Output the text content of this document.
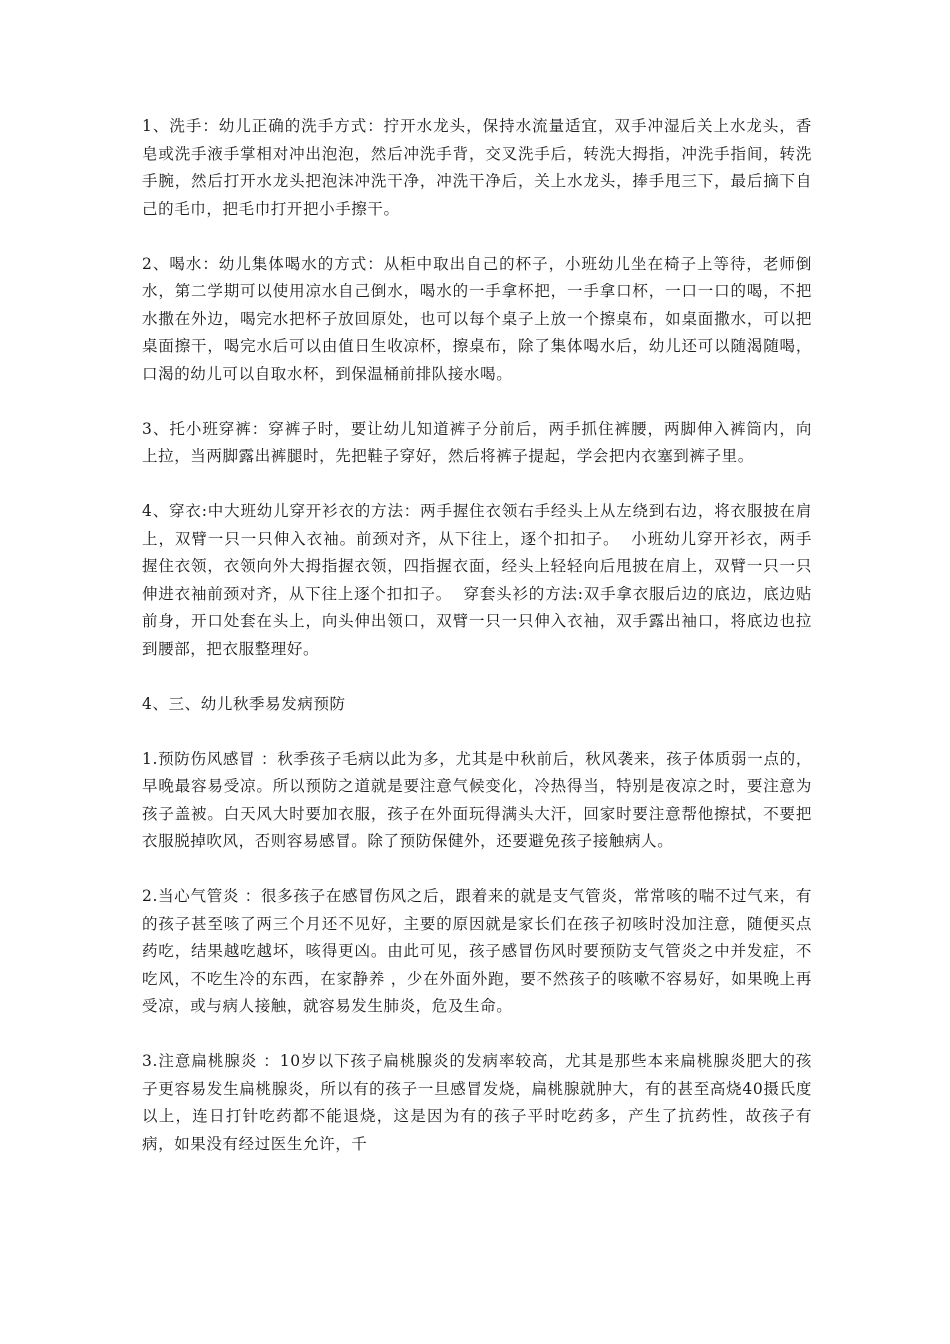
1、洗手：幼儿正确的洗手方式：拧开水龙头，保持水流量适宜，双手冲湿后关上水龙头，香皂或洗手液手掌相对冲出泡泡，然后冲洗手背，交叉洗手后，转洗大拇指，冲洗手指间，转洗手腕，然后打开水龙头把泡沫冲洗干净，冲洗干净后，关上水龙头，捧手甩三下，最后摘下自己的毛巾，把毛巾打开把小手擦干。

2、喝水：幼儿集体喝水的方式：从柜中取出自己的杯子，小班幼儿坐在椅子上等待，老师倒水，第二学期可以使用凉水自己倒水，喝水的一手拿杯把，一手拿口杯，一口一口的喝，不把水撒在外边，喝完水把杯子放回原处，也可以每个桌子上放一个擦桌布，如桌面撒水，可以把桌面擦干，喝完水后可以由值日生收凉杯，擦桌布，除了集体喝水后，幼儿还可以随渴随喝，口渴的幼儿可以自取水杯，到保温桶前排队接水喝。

3、托小班穿裤：穿裤子时，要让幼儿知道裤子分前后，两手抓住裤腰，两脚伸入裤筒内，向上拉，当两脚露出裤腿时，先把鞋子穿好，然后将裤子提起，学会把内衣塞到裤子里。

4、穿衣:中大班幼儿穿开衫衣的方法：两手握住衣领右手经头上从左绕到右边，将衣服披在肩上，双臂一只一只伸入衣袖。前颈对齐，从下往上，逐个扣扣子。  小班幼儿穿开衫衣，两手握住衣领，衣领向外大拇指握衣领，四指握衣面，经头上轻轻向后甩披在肩上，双臂一只一只伸进衣袖前颈对齐，从下往上逐个扣扣子。  穿套头衫的方法:双手拿衣服后边的底边，底边贴前身，开口处套在头上，向头伸出领口，双臂一只一只伸入衣袖，双手露出袖口，将底边也拉到腰部，把衣服整理好。

4、三、幼儿秋季易发病预防

1.预防伤风感冒 ：秋季孩子毛病以此为多，尤其是中秋前后，秋风袭来，孩子体质弱一点的，早晚最容易受凉。所以预防之道就是要注意气候变化，冷热得当，特别是夜凉之时，要注意为孩子盖被。白天风大时要加衣服，孩子在外面玩得满头大汗，回家时要注意帮他擦拭，不要把衣服脱掉吹风，否则容易感冒。除了预防保健外，还要避免孩子接触病人。

2.当心气管炎 ：很多孩子在感冒伤风之后，跟着来的就是支气管炎，常常咳的喘不过气来，有的孩子甚至咳了两三个月还不见好，主要的原因就是家长们在孩子初咳时没加注意，随便买点药吃，结果越吃越坏，咳得更凶。由此可见，孩子感冒伤风时要预防支气管炎之中并发症，不吃风，不吃生冷的东西，在家静养 ，少在外面外跑，要不然孩子的咳嗽不容易好，如果晚上再受凉，或与病人接触，就容易发生肺炎，危及生命。

3.注意扁桃腺炎 ：10岁以下孩子扁桃腺炎的发病率较高，尤其是那些本来扁桃腺炎肥大的孩子更容易发生扁桃腺炎，所以有的孩子一旦感冒发烧，扁桃腺就肿大，有的甚至高烧40摄氏度以上，连日打针吃药都不能退烧，这是因为有的孩子平时吃药多，产生了抗药性，故孩子有病，如果没有经过医生允许，千
